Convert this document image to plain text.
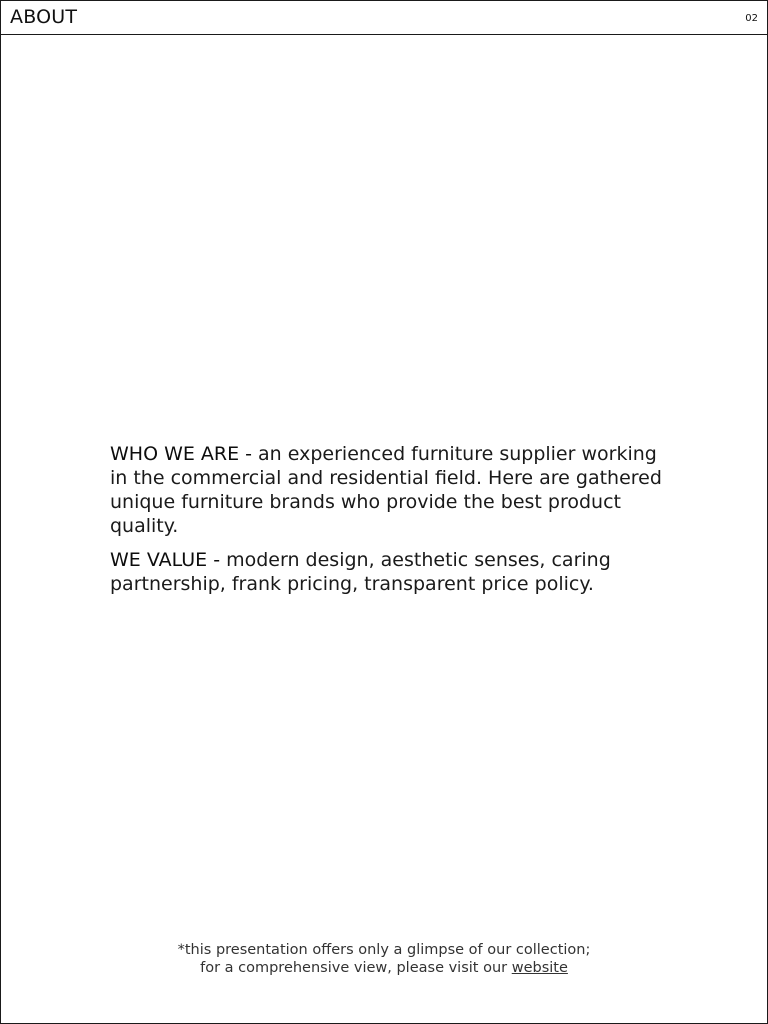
ABOUT	02

WHO WE ARE - an experienced furniture supplier working in the commercial and residential field. Here are gathered unique furniture brands who provide the best product quality.

WE VALUE - modern design, aesthetic senses, caring partnership, frank pricing, transparent price policy.

*this presentation offers only a glimpse of our collection;
for a comprehensive view, please visit our website
